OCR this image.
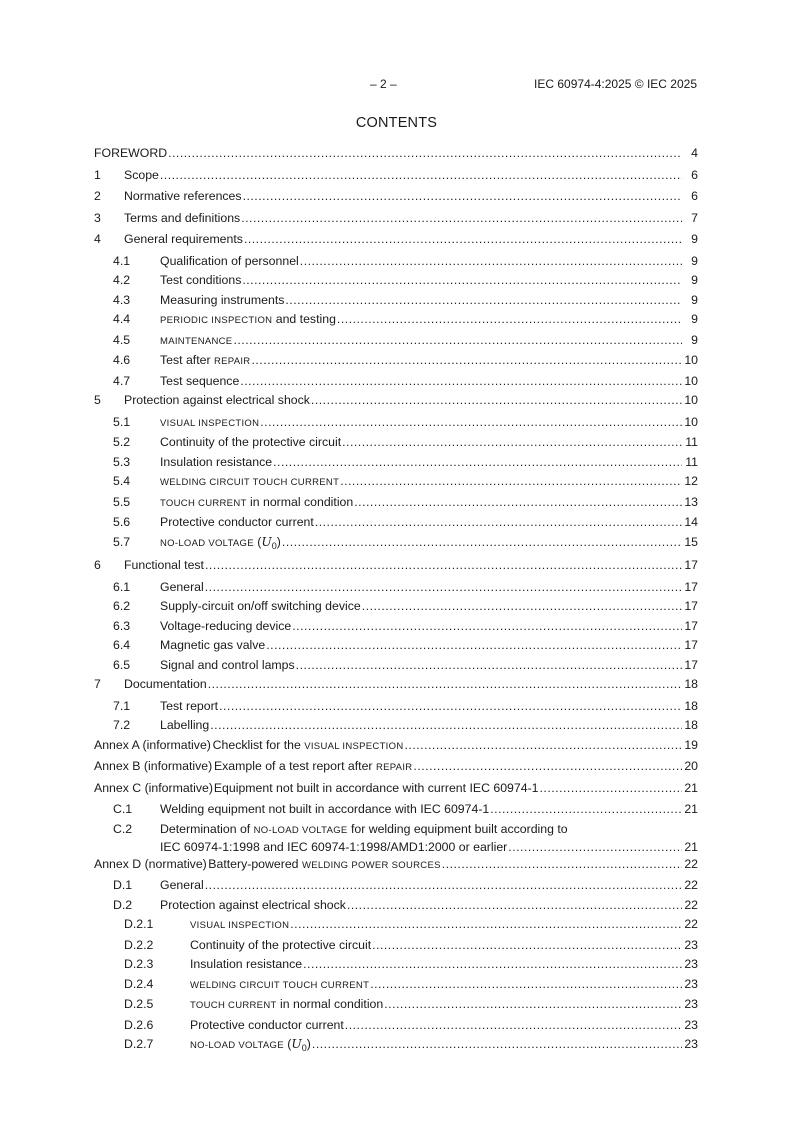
– 2 –	IEC 60974-4:2025 © IEC 2025
CONTENTS
FOREWORD .....	4
1	Scope .....	6
2	Normative references .....	6
3	Terms and definitions .....	7
4	General requirements .....	9
4.1	Qualification of personnel .....	9
4.2	Test conditions .....	9
4.3	Measuring instruments .....	9
4.4	PERIODIC INSPECTION and testing .....	9
4.5	MAINTENANCE .....	9
4.6	Test after REPAIR .....	10
4.7	Test sequence .....	10
5	Protection against electrical shock .....	10
5.1	VISUAL INSPECTION .....	10
5.2	Continuity of the protective circuit .....	11
5.3	Insulation resistance .....	11
5.4	WELDING CIRCUIT TOUCH CURRENT .....	12
5.5	TOUCH CURRENT in normal condition .....	13
5.6	Protective conductor current .....	14
5.7	NO-LOAD VOLTAGE $(U_0)$ .....	15
6	Functional test .....	17
6.1	General .....	17
6.2	Supply-circuit on/off switching device .....	17
6.3	Voltage-reducing device .....	17
6.4	Magnetic gas valve .....	17
6.5	Signal and control lamps .....	17
7	Documentation .....	18
7.1	Test report .....	18
7.2	Labelling .....	18
Annex A (informative) Checklist for the VISUAL INSPECTION .....	19
Annex B (informative) Example of a test report after REPAIR .....	20
Annex C (informative) Equipment not built in accordance with current IEC 60974-1 .....	21
C.1	Welding equipment not built in accordance with IEC 60974-1 .....	21
C.2	Determination of NO-LOAD VOLTAGE for welding equipment built according to
IEC 60974-1:1998 and IEC 60974-1:1998/AMD1:2000 or earlier .....	21
Annex D (normative) Battery-powered WELDING POWER SOURCES .....	22
D.1	General .....	22
D.2	Protection against electrical shock .....	22
D.2.1	VISUAL INSPECTION .....	22
D.2.2	Continuity of the protective circuit .....	23
D.2.3	Insulation resistance .....	23
D.2.4	WELDING CIRCUIT TOUCH CURRENT .....	23
D.2.5	TOUCH CURRENT in normal condition .....	23
D.2.6	Protective conductor current .....	23
D.2.7	NO-LOAD VOLTAGE $(U_0)$ .....	23
